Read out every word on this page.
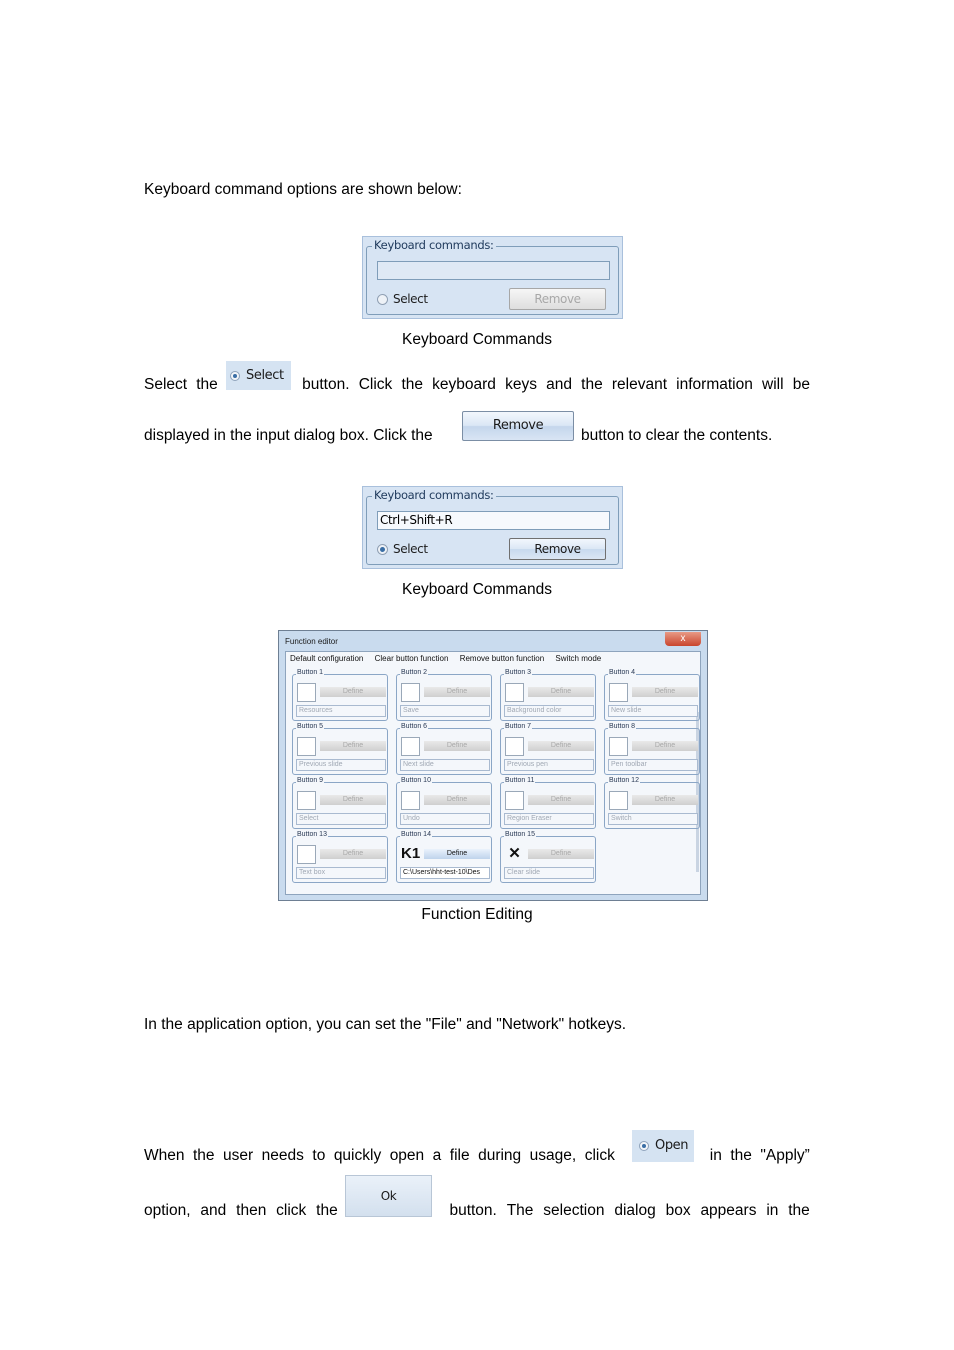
Keyboard command options are shown below:
Keyboard commands:
Select	Remove
Keyboard Commands
Select the	button. Click the keyboard keys and the relevant information will be
Select
displayed in the input dialog box. Click the
Remove
button to clear the contents.
Keyboard commands:
Ctrl+Shift+R
Select	Remove
Keyboard Commands
Function editor	x
Default configuration Clear button function Remove button function Switch mode
Button 1
Define
Resources
Button 2
Define
Save
Button 3
Define
Background color
Button 4
Define
New slide
Button 5
Define
Previous slide
Button 6
Define
Next slide
Button 7
Define
Previous pen
Button 8
Define
Pen toolbar
Button 9
Define
Select
Button 10
Define
Undo
Button 11
Define
Region Eraser
Button 12
Define
Switch
Button 13
Define
Text box
Button 14
K1	Define
C:\Users\hht-test-10\Des
Button 15
✕	Define
Clear slide
Function Editing
In the application option, you can set the "File" and "Network" hotkeys.
When the user needs to quickly open a file during usage, click	in the "Apply”
Open
option, and then click the	button. The selection dialog box appears in the
Ok
